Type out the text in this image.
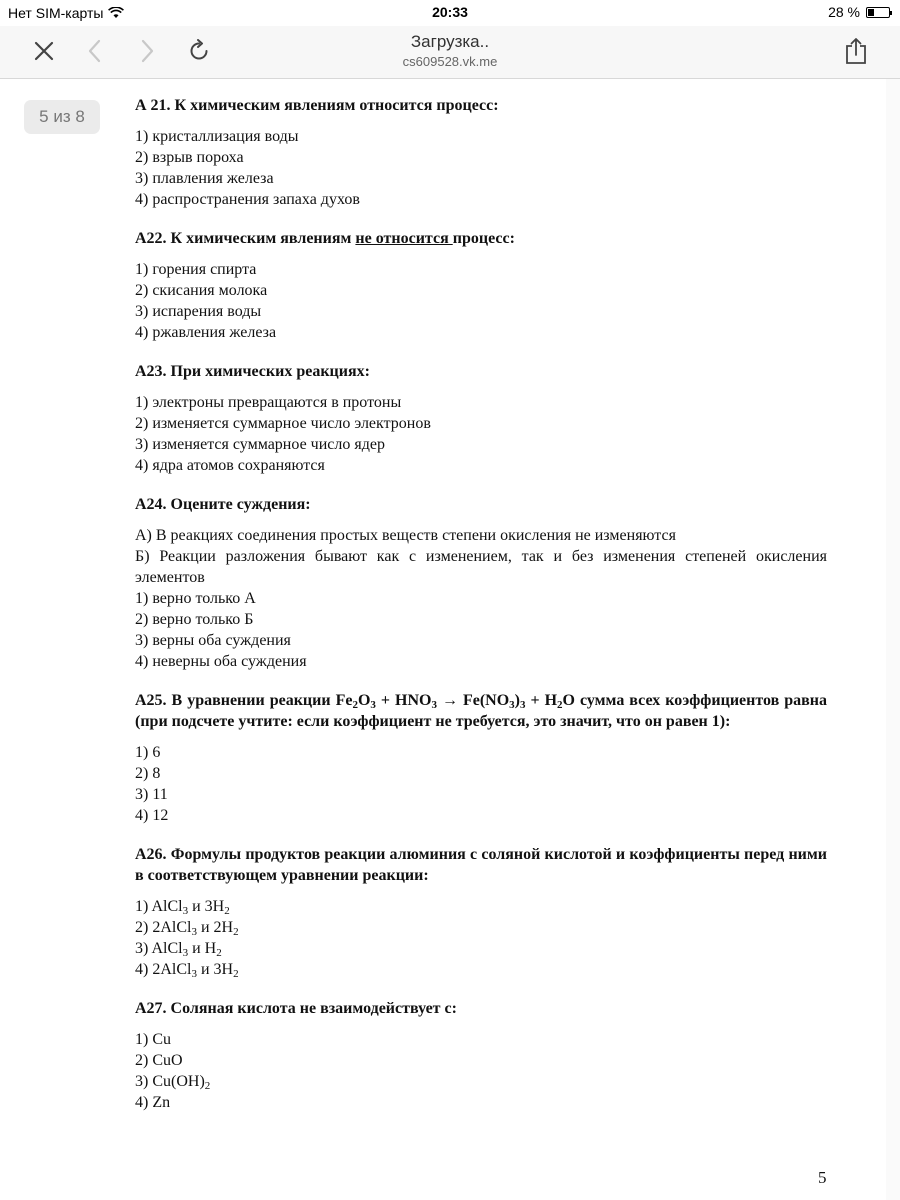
Нет SIM-карты	20:33	28 %
Загрузка..
cs609528.vk.me
5 из 8
А 21. К химическим явлениям относится процесс:
1) кристаллизация воды
2) взрыв пороха
3) плавления железа
4) распространения запаха духов
А22. К химическим явлениям не относится процесс:
1) горения спирта
2) скисания молока
3) испарения воды
4) ржавления железа
А23. При химических реакциях:
1) электроны превращаются в протоны
2) изменяется суммарное число электронов
3) изменяется суммарное число ядер
4) ядра атомов сохраняются
А24. Оцените суждения:
А) В реакциях соединения простых веществ степени окисления не изменяются
Б) Реакции разложения бывают как с изменением, так и без изменения степеней окисления элементов
1) верно только А
2) верно только Б
3) верны оба суждения
4) неверны оба суждения
А25. В уравнении реакции $Fe_2O_3 + HNO_3 \to Fe(NO_3)_3 + H_2O$ сумма всех коэффициентов равна (при подсчете учтите: если коэффициент не требуется, это значит, что он равен 1):
1) 6
2) 8
3) 11
4) 12
А26. Формулы продуктов реакции алюминия с соляной кислотой и коэффициенты перед ними в соответствующем уравнении реакции:
1) AlCl$_3$ и $3H_2$
2) 2AlCl$_3$ и $2H_2$
3) AlCl$_3$ и $H_2$
4) 2AlCl$_3$ и $3H_2$
А27. Соляная кислота не взаимодействует с:
1) Cu
2) CuO
3) $Cu(OH)_2$
4) Zn
5
